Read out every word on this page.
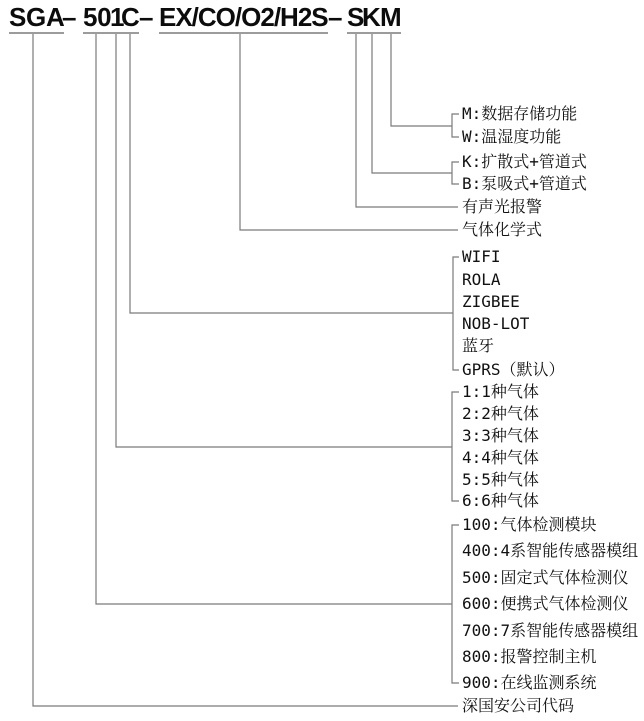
SGA
– 50
1
C – EX/CO/O2/H2S – S
K M
M:数据存储功能
W:温湿度功能
K:扩散式+管道式
B:泵吸式+管道式
有声光报警
气体化学式
WIFI
ROLA
ZIGBEE
NOB-LOT
蓝牙
GPRS（默认）
1:1种气体
2:2种气体
3:3种气体
4:4种气体
5:5种气体
6:6种气体
100:气体检测模块
400:4系智能传感器模组
500:固定式气体检测仪
600:便携式气体检测仪
700:7系智能传感器模组
800:报警控制主机
900:在线监测系统
深国安公司代码
